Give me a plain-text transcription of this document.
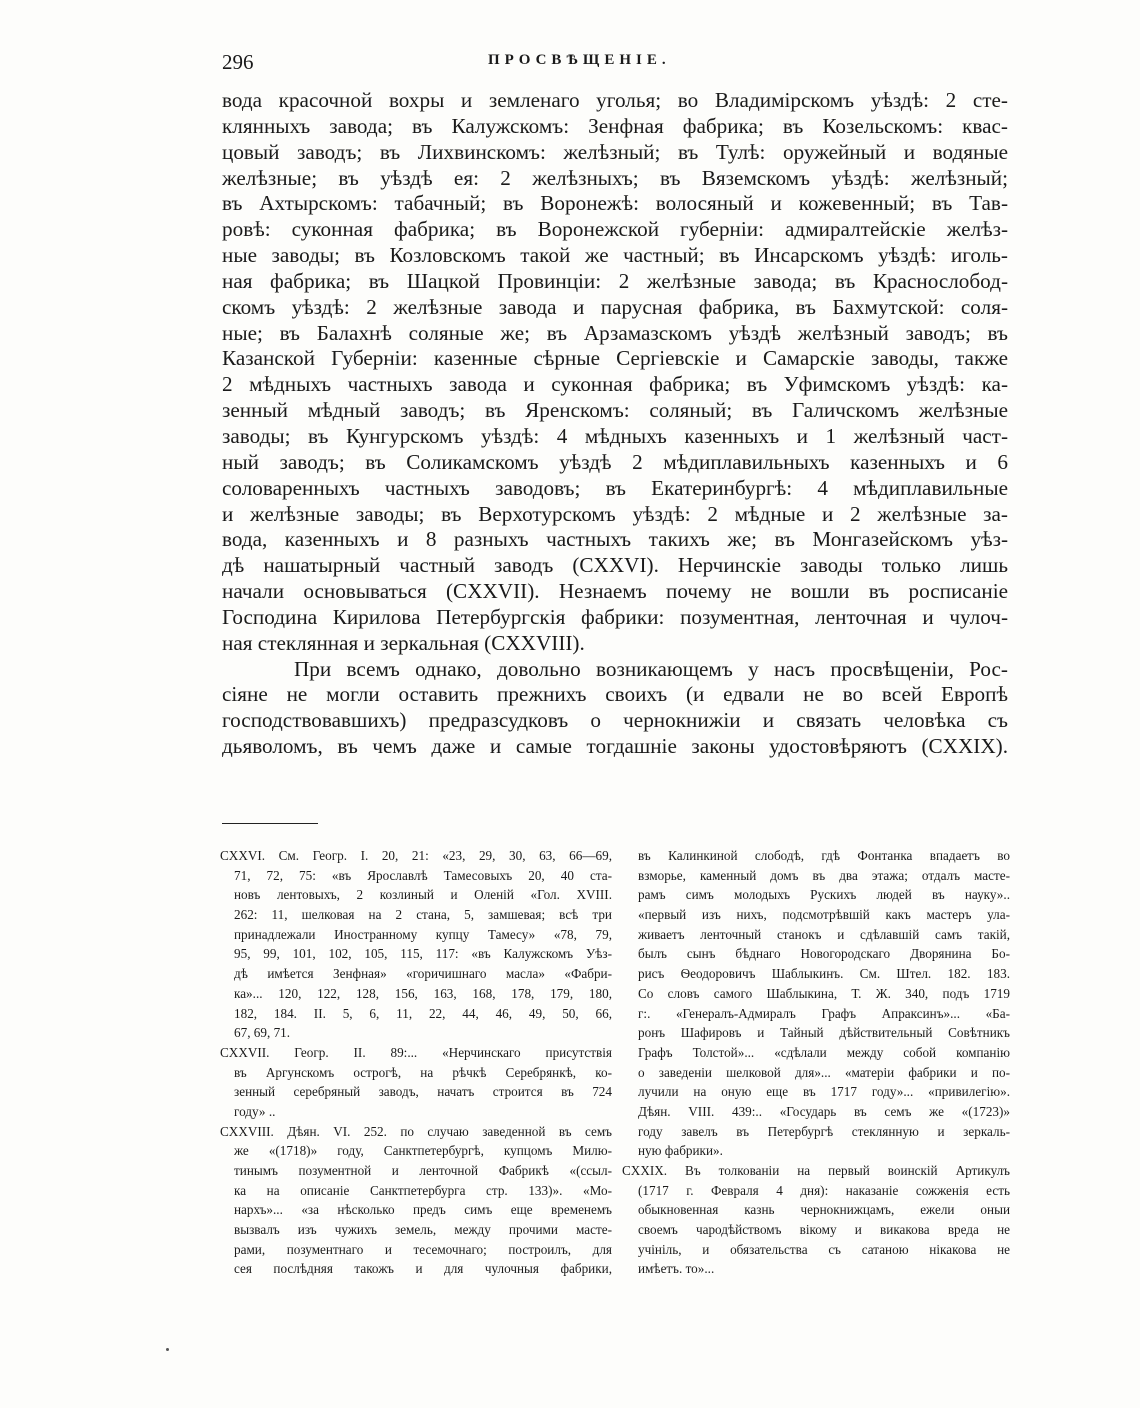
296	ПРОСВѢЩЕНІЕ.
вода красочной вохры и земленаго уголья; во Владимірскомъ уѣздѣ: 2 сте-
клянныхъ завода; въ Калужскомъ: Зенфная фабрика; въ Козельскомъ: квас-
цовый заводъ; въ Лихвинскомъ: желѣзный; въ Тулѣ: оружейный и водяные
желѣзные; въ уѣздѣ ея: 2 желѣзныхъ; въ Вяземскомъ уѣздѣ: желѣзный;
въ Ахтырскомъ: табачный; въ Воронежѣ: волосяный и кожевенный; въ Тав-
ровѣ: суконная фабрика; въ Воронежской губерніи: адмиралтейскіе желѣз-
ные заводы; въ Козловскомъ такой же частный; въ Инсарскомъ уѣздѣ: иголь-
ная фабрика; въ Шацкой Провинціи: 2 желѣзные завода; въ Краснослобод-
скомъ уѣздѣ: 2 желѣзные завода и парусная фабрика, въ Бахмутской: соля-
ные; въ Балахнѣ соляные же; въ Арзамазскомъ уѣздѣ желѣзный заводъ; въ
Казанской Губерніи: казенные сѣрные Сергіевскіе и Самарскіе заводы, также
2 мѣдныхъ частныхъ завода и суконная фабрика; въ Уфимскомъ уѣздѣ: ка-
зенный мѣдный заводъ; въ Яренскомъ: соляный; въ Галичскомъ желѣзные
заводы; въ Кунгурскомъ уѣздѣ: 4 мѣдныхъ казенныхъ и 1 желѣзный част-
ный заводъ; въ Соликамскомъ уѣздѣ 2 мѣдиплавильныхъ казенныхъ и 6
соловаренныхъ частныхъ заводовъ; въ Екатеринбургѣ: 4 мѣдиплавильные
и желѣзные заводы; въ Верхотурскомъ уѣздѣ: 2 мѣдные и 2 желѣзные за-
вода, казенныхъ и 8 разныхъ частныхъ такихъ же; въ Монгазейскомъ уѣз-
дѣ нашатырный частный заводъ (CXXVI). Нерчинскіе заводы только лишь
начали основываться (CXXVII). Незнаемъ почему не вошли въ росписаніе
Господина Кирилова Петербургскія фабрики: позументная, ленточная и чулоч-
ная стеклянная и зеркальная (CXXVIII).
При всемъ однако, довольно возникающемъ у насъ просвѣщеніи, Рос-
сіяне не могли оставить прежнихъ своихъ (и едвали не во всей Европѣ
господствовавшихъ) предразсудковъ о чернокнижіи и связать человѣка съ
дьяволомъ, въ чемъ даже и самые тогдашніе законы удостовѣряютъ (CXXIX).
CXXVI. См. Геогр. I. 20, 21: «23, 29, 30, 63, 66—69,
71, 72, 75: «въ Ярославлѣ Тамесовыхъ 20, 40 ста-
новъ лентовыхъ, 2 козлиный и Оленій «Гол. XVIII.
262: 11, шелковая на 2 стана, 5, замшевая; всѣ три
принадлежали Иностранному купцу Тамесу» «78, 79,
95, 99, 101, 102, 105, 115, 117: «въ Калужскомъ Уѣз-
дѣ имѣется Зенфная» «горичишнаго масла» «Фабри-
ка»... 120, 122, 128, 156, 163, 168, 178, 179, 180,
182, 184. II. 5, 6, 11, 22, 44, 46, 49, 50, 66,
67, 69, 71.
CXXVII. Геогр. II. 89:... «Нерчинскаго присутствія
въ Аргунскомъ острогѣ, на рѣчкѣ Серебрянкѣ, ко-
зенный серебряный заводъ, начатъ строится въ 724
году» ..
CXXVIII. Дѣян. VI. 252. по случаю заведенной въ семъ
же «(1718)» году, Санктпетербургѣ, купцомъ Милю-
тинымъ позументной и ленточной Фабрикѣ «(ссыл-
ка на описаніе Санктпетербурга стр. 133)». «Мо-
нархъ»... «за нѣсколько предъ симъ еще временемъ
вызвалъ изъ чужихъ земель, между прочими масте-
рами, позументнаго и тесемочнаго; построилъ, для
сея послѣдняя такожъ и для чулочныя фабрики,
въ Калинкиной слободѣ, гдѣ Фонтанка впадаетъ во
взморье, каменный домъ въ два этажа; отдалъ масте-
рамъ симъ молодыхъ Рускихъ людей въ науку»..
«первый изъ нихъ, подсмотрѣвшій какъ мастеръ ула-
живаетъ ленточный станокъ и сдѣлавшій самъ такій,
былъ сынъ бѣднаго Новогородскаго Дворянина Бо-
рисъ Ѳеодоровичъ Шаблыкинъ. См. Штел. 182. 183.
Со словъ самого Шаблыкина, Т. Ж. 340, подъ 1719
г:. «Генералъ-Адмиралъ Графъ Апраксинъ»... «Ба-
ронъ Шафировъ и Тайный дѣйствительный Совѣтникъ
Графъ Толстой»... «сдѣлали между собой компанію
о заведеніи шелковой для»... «матеріи фабрики и по-
лучили на оную еще въ 1717 году»... «привилегію».
Дѣян. VIII. 439:.. «Государь въ семъ же «(1723)»
году завелъ въ Петербургѣ стеклянную и зеркаль-
ную фабрики».
CXXIX. Въ толкованіи на первый воинскій Артикулъ
(1717 г. Февраля 4 дня): наказаніе сожженія есть
обыкновенная казнь чернокнижцамъ, ежели оныи
своемъ чародѣйствомъ вікому и викакова вреда не
учініль, и обязательства съ сатаною нікакова не
имѣетъ. то»...
